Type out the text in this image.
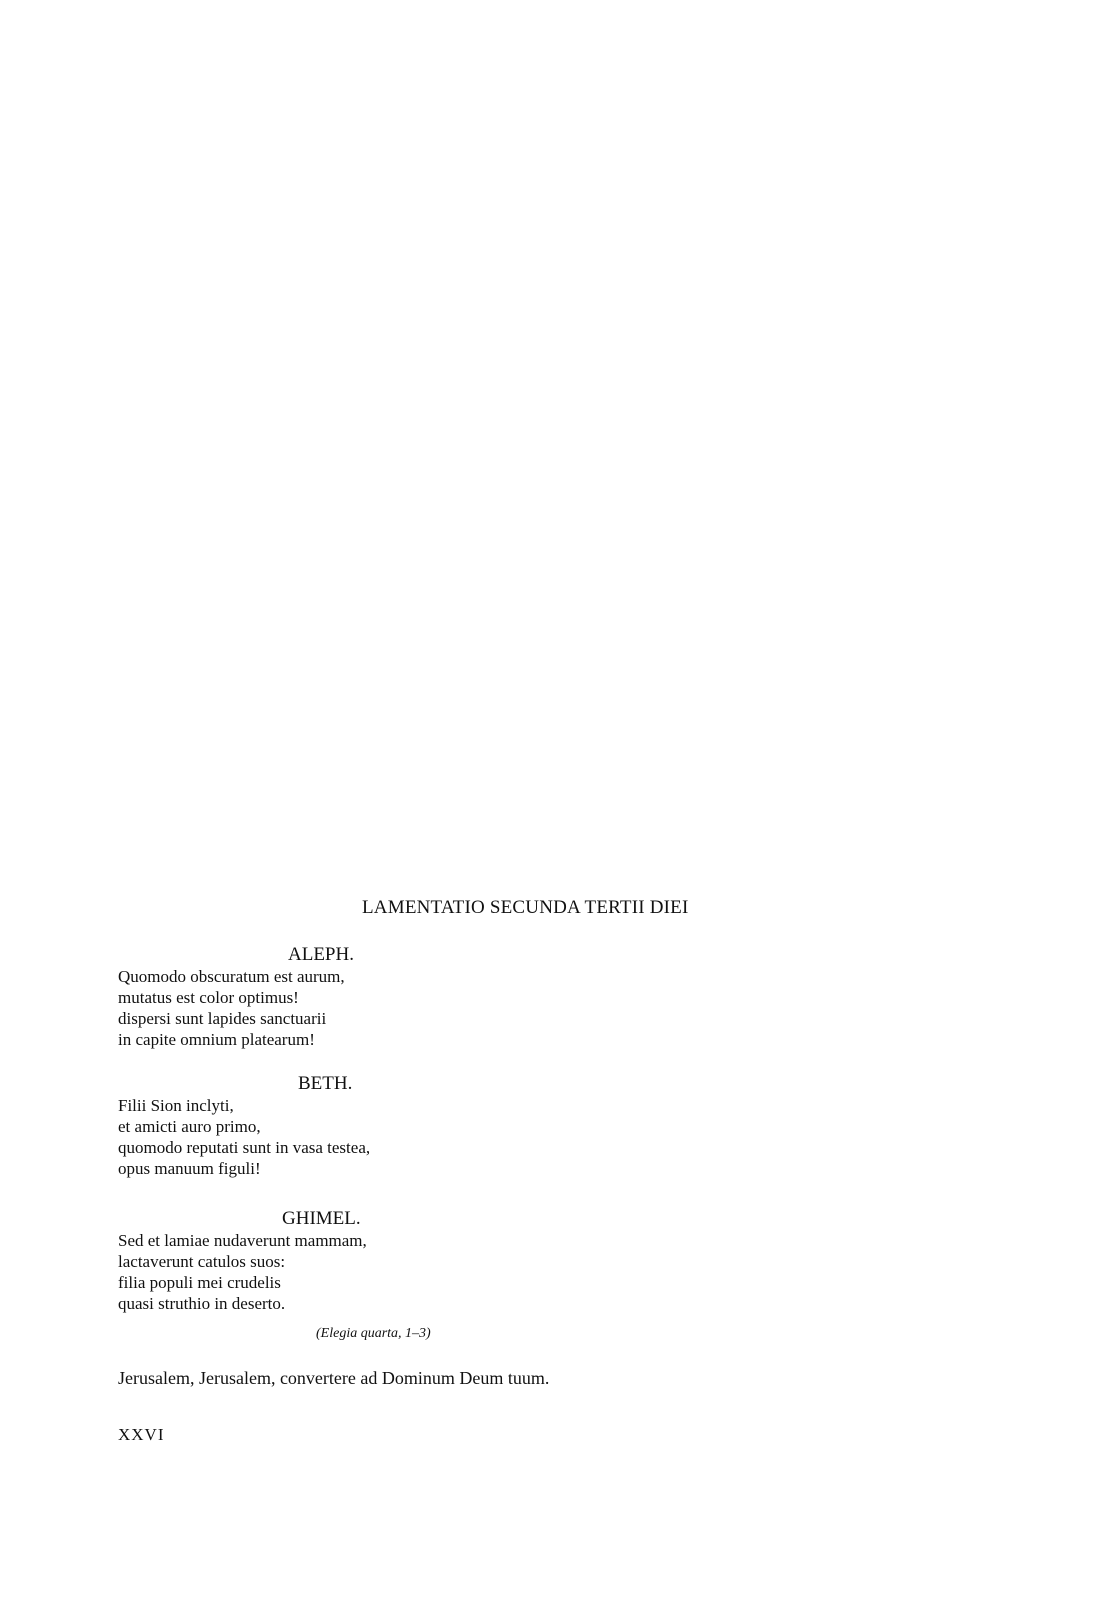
LAMENTATIO SECUNDA TERTII DIEI
ALEPH.
Quomodo obscuratum est aurum,
mutatus est color optimus!
dispersi sunt lapides sanctuarii
in capite omnium platearum!
BETH.
Filii Sion inclyti,
et amicti auro primo,
quomodo reputati sunt in vasa testea,
opus manuum figuli!
GHIMEL.
Sed et lamiae nudaverunt mammam,
lactaverunt catulos suos:
filia populi mei crudelis
quasi struthio in deserto.
(Elegia quarta, 1–3)
Jerusalem, Jerusalem, convertere ad Dominum Deum tuum.
XXVI
